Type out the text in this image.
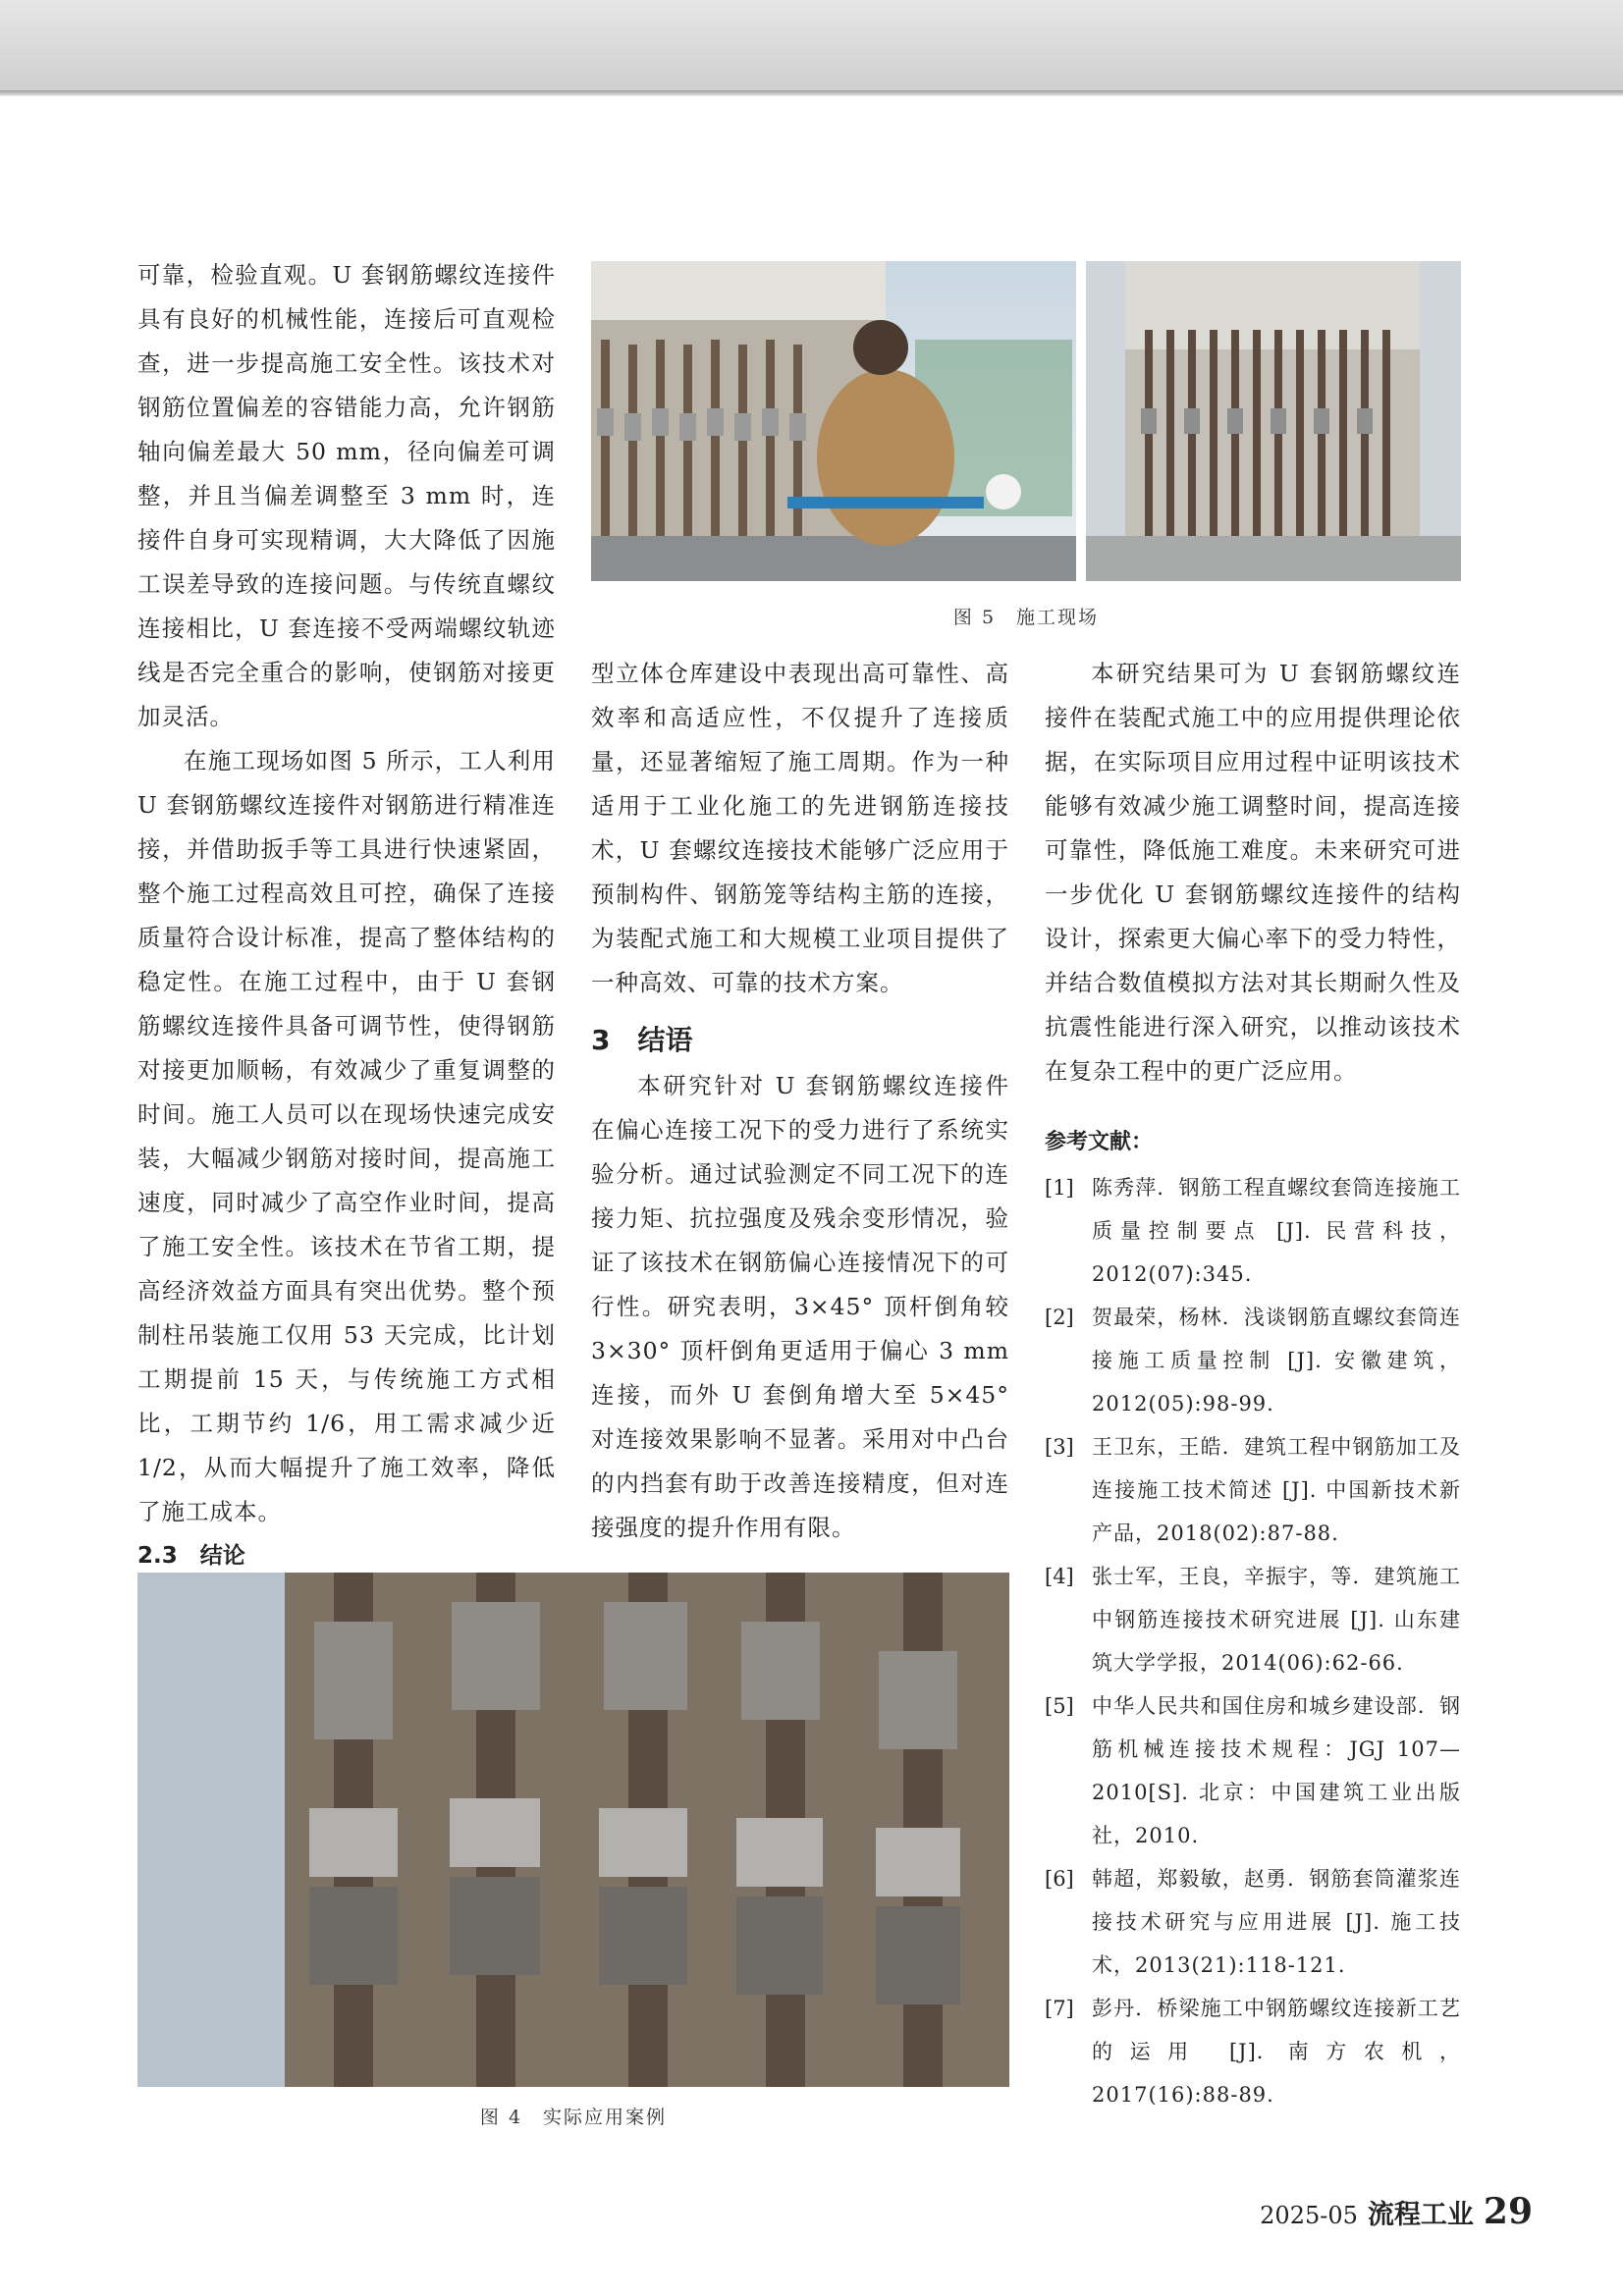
可靠，检验直观。U 套钢筋螺纹连接件具有良好的机械性能，连接后可直观检查，进一步提高施工安全性。该技术对钢筋位置偏差的容错能力高，允许钢筋轴向偏差最大 50 mm，径向偏差可调整，并且当偏差调整至 3 mm 时，连接件自身可实现精调，大大降低了因施工误差导致的连接问题。与传统直螺纹连接相比，U 套连接不受两端螺纹轨迹线是否完全重合的影响，使钢筋对接更加灵活。

在施工现场如图 5 所示，工人利用 U 套钢筋螺纹连接件对钢筋进行精准连接，并借助扳手等工具进行快速紧固，整个施工过程高效且可控，确保了连接质量符合设计标准，提高了整体结构的稳定性。在施工过程中，由于 U 套钢筋螺纹连接件具备可调节性，使得钢筋对接更加顺畅，有效减少了重复调整的时间。施工人员可以在现场快速完成安装，大幅减少钢筋对接时间，提高施工速度，同时减少了高空作业时间，提高了施工安全性。该技术在节省工期，提高经济效益方面具有突出优势。整个预制柱吊装施工仅用 53 天完成，比计划工期提前 15 天，与传统施工方式相比，工期节约 1/6，用工需求减少近 1/2，从而大幅提升了施工效率，降低了施工成本。

2.3　结论

图 5　施工现场

型立体仓库建设中表现出高可靠性、高效率和高适应性，不仅提升了连接质量，还显著缩短了施工周期。作为一种适用于工业化施工的先进钢筋连接技术，U 套螺纹连接技术能够广泛应用于预制构件、钢筋笼等结构主筋的连接，为装配式施工和大规模工业项目提供了一种高效、可靠的技术方案。

3　结语

本研究针对 U 套钢筋螺纹连接件在偏心连接工况下的受力进行了系统实验分析。通过试验测定不同工况下的连接力矩、抗拉强度及残余变形情况，验证了该技术在钢筋偏心连接情况下的可行性。研究表明，3×45° 顶杆倒角较 3×30° 顶杆倒角更适用于偏心 3 mm 连接，而外 U 套倒角增大至 5×45° 对连接效果影响不显著。采用对中凸台的内挡套有助于改善连接精度，但对连接强度的提升作用有限。

本研究结果可为 U 套钢筋螺纹连接件在装配式施工中的应用提供理论依据，在实际项目应用过程中证明该技术能够有效减少施工调整时间，提高连接可靠性，降低施工难度。未来研究可进一步优化 U 套钢筋螺纹连接件的结构设计，探索更大偏心率下的受力特性，并结合数值模拟方法对其长期耐久性及抗震性能进行深入研究，以推动该技术在复杂工程中的更广泛应用。

参考文献：
[1] 陈秀萍．钢筋工程直螺纹套筒连接施工质量控制要点 [J]. 民营科技，2012(07):345.
[2] 贺最荣，杨林．浅谈钢筋直螺纹套筒连接施工质量控制 [J]. 安徽建筑，2012(05):98-99.
[3] 王卫东，王皓．建筑工程中钢筋加工及连接施工技术简述 [J]. 中国新技术新产品，2018(02):87-88.
[4] 张士军，王良，辛振宇，等．建筑施工中钢筋连接技术研究进展 [J]. 山东建筑大学学报，2014(06):62-66.
[5] 中华人民共和国住房和城乡建设部．钢筋机械连接技术规程：JGJ 107—2010[S]. 北京：中国建筑工业出版社，2010.
[6] 韩超，郑毅敏，赵勇．钢筋套筒灌浆连接技术研究与应用进展 [J]. 施工技术，2013(21):118-121.
[7] 彭丹．桥梁施工中钢筋螺纹连接新工艺的运用 [J]. 南方农机，2017(16):88-89.
图 4　实际应用案例
2025-05 流程工业 29
